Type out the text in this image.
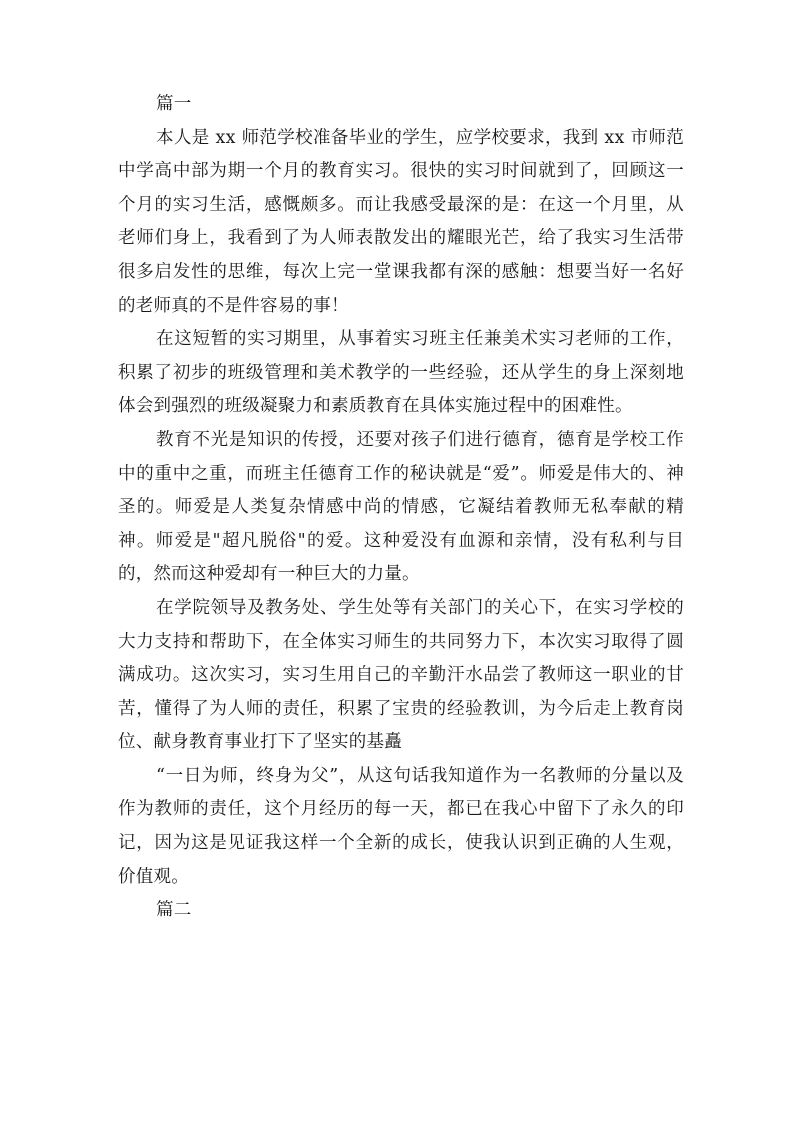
篇一

本人是 xx 师范学校准备毕业的学生，应学校要求，我到 xx 市师范中学高中部为期一个月的教育实习。很快的实习时间就到了，回顾这一个月的实习生活，感慨颇多。而让我感受最深的是：在这一个月里，从老师们身上，我看到了为人师表散发出的耀眼光芒，给了我实习生活带很多启发性的思维，每次上完一堂课我都有深的感触：想要当好一名好的老师真的不是件容易的事！

在这短暂的实习期里，从事着实习班主任兼美术实习老师的工作，积累了初步的班级管理和美术教学的一些经验，还从学生的身上深刻地体会到强烈的班级凝聚力和素质教育在具体实施过程中的困难性。

教育不光是知识的传授，还要对孩子们进行德育，德育是学校工作中的重中之重，而班主任德育工作的秘诀就是“爱”。师爱是伟大的、神圣的。师爱是人类复杂情感中尚的情感，它凝结着教师无私奉献的精神。师爱是"超凡脱俗"的爱。这种爱没有血源和亲情，没有私利与目的，然而这种爱却有一种巨大的力量。

在学院领导及教务处、学生处等有关部门的关心下，在实习学校的大力支持和帮助下，在全体实习师生的共同努力下，本次实习取得了圆满成功。这次实习，实习生用自己的辛勤汗水品尝了教师这一职业的甘苦，懂得了为人师的责任，积累了宝贵的经验教训，为今后走上教育岗位、献身教育事业打下了坚实的基矗

“一日为师，终身为父”，从这句话我知道作为一名教师的分量以及作为教师的责任，这个月经历的每一天，都已在我心中留下了永久的印记，因为这是见证我这样一个全新的成长，使我认识到正确的人生观，价值观。

篇二
